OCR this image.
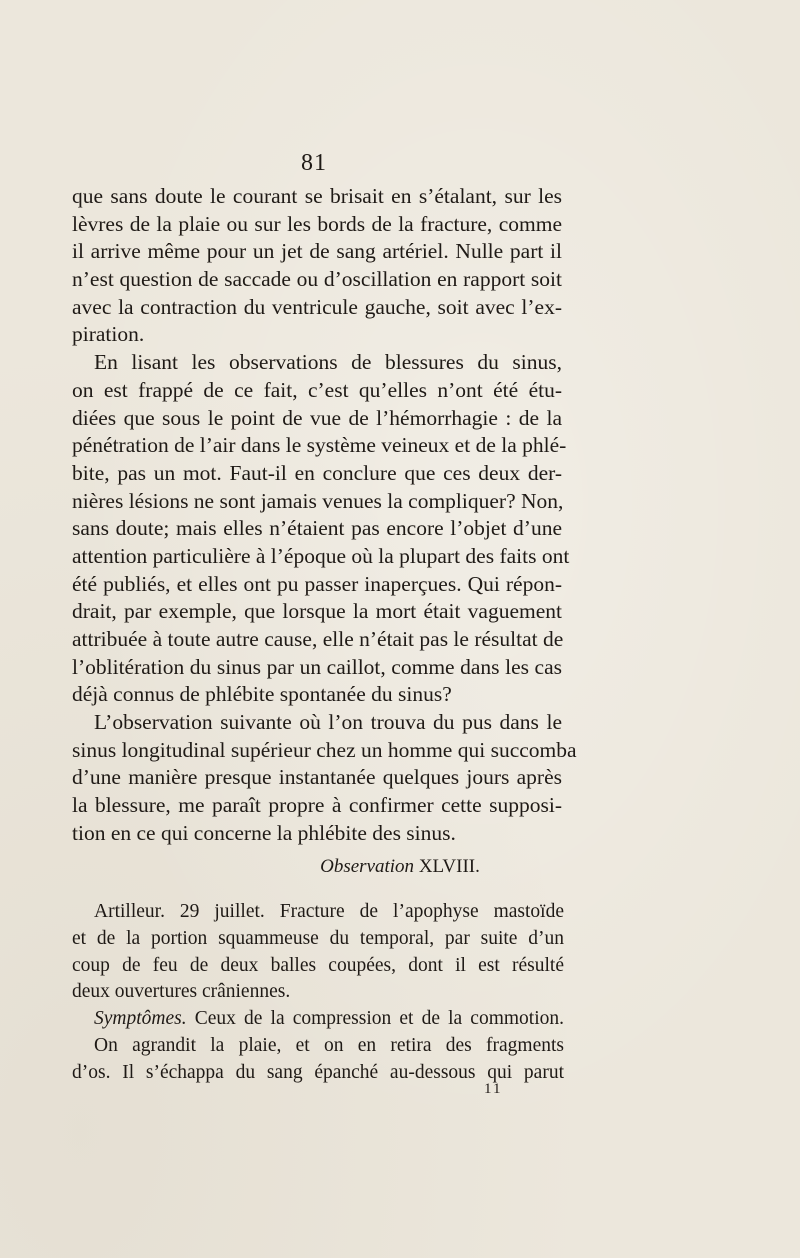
81
que sans doute le courant se brisait en s’étalant, sur les
lèvres de la plaie ou sur les bords de la fracture, comme
il arrive même pour un jet de sang artériel. Nulle part il
n’est question de saccade ou d’oscillation en rapport soit
avec la contraction du ventricule gauche, soit avec l’ex-
piration.
En lisant les observations de blessures du sinus,
on est frappé de ce fait, c’est qu’elles n’ont été étu-
diées que sous le point de vue de l’hémorrhagie : de la
pénétration de l’air dans le système veineux et de la phlé-
bite, pas un mot. Faut-il en conclure que ces deux der-
nières lésions ne sont jamais venues la compliquer? Non,
sans doute; mais elles n’étaient pas encore l’objet d’une
attention particulière à l’époque où la plupart des faits ont
été publiés, et elles ont pu passer inaperçues. Qui répon-
drait, par exemple, que lorsque la mort était vaguement
attribuée à toute autre cause, elle n’était pas le résultat de
l’oblitération du sinus par un caillot, comme dans les cas
déjà connus de phlébite spontanée du sinus?
L’observation suivante où l’on trouva du pus dans le
sinus longitudinal supérieur chez un homme qui succomba
d’une manière presque instantanée quelques jours après
la blessure, me paraît propre à confirmer cette supposi-
tion en ce qui concerne la phlébite des sinus.
Observation XLVIII.
Artilleur. 29 juillet. Fracture de l’apophyse mastoïde
et de la portion squammeuse du temporal, par suite d’un
coup de feu de deux balles coupées, dont il est résulté
deux ouvertures crâniennes.
Symptômes. Ceux de la compression et de la commotion.
On agrandit la plaie, et on en retira des fragments
d’os. Il s’échappa du sang épanché au-dessous qui parut
11
